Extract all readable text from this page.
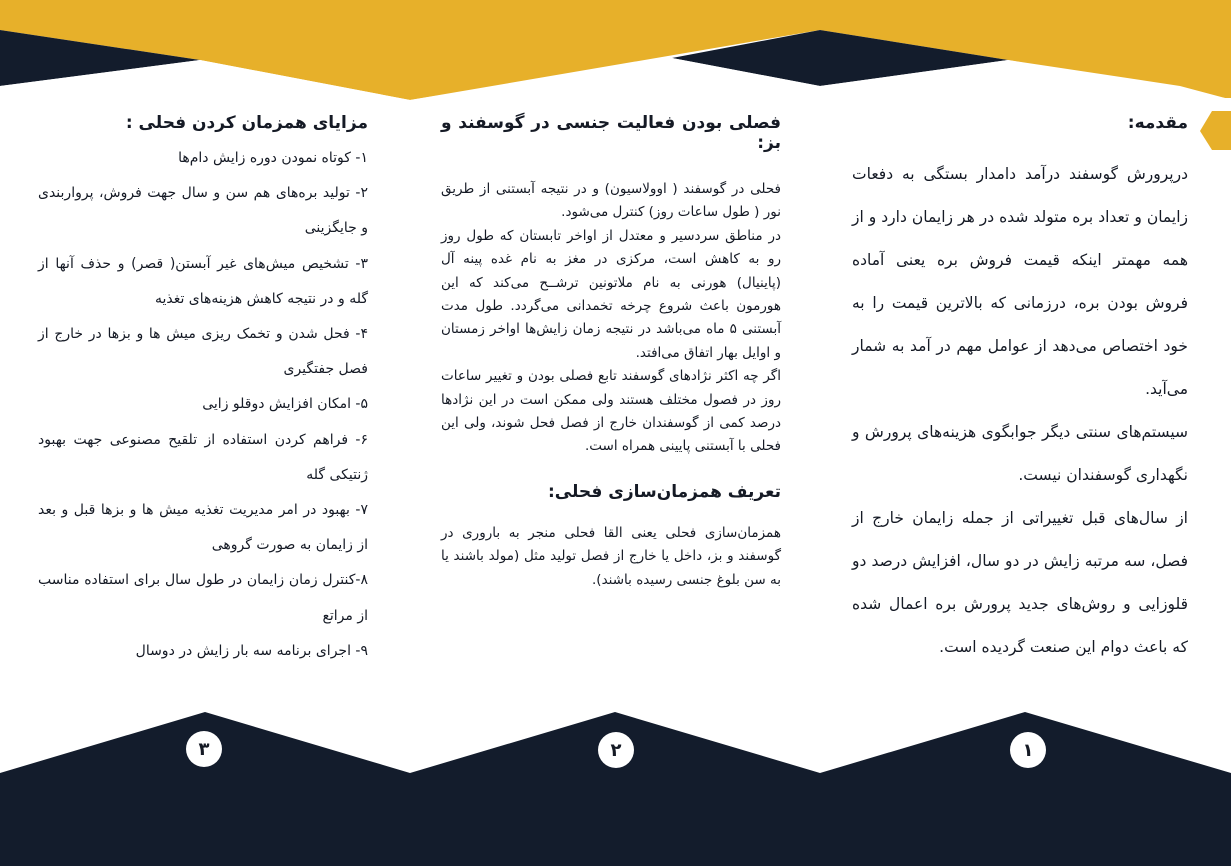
مقدمه:

درپرورش گوسفند درآمد دامدار بستگی به دفعات زایمان و تعداد بره متولد شده در هر زایمان دارد و از همه مهمتر اینکه قیمت فروش بره یعنی آماده فروش بودن بره، درزمانی که بالاترین قیمت را به خود اختصاص می‌دهد از عوامل مهم در آمد به شمار می‌آید.

سیستم‌های سنتی دیگر جوابگوی هزینه‌های پرورش و نگهداری گوسفندان نیست.

از سال‌های قبل تغییراتی از جمله زایمان خارج از فصل، سه مرتبه زایش در دو سال، افزایش درصد دو قلوزایی و روش‌های جدید پرورش بره اعمال شده که باعث دوام این صنعت گردیده است.

فصلی بودن فعالیت جنسی در گوسفند و بز:

فحلی در گوسفند ( اوولاسیون) و در نتیجه آبستنی از طریق نور ( طول ساعات روز) کنترل می‌شود.

در مناطق سردسیر و معتدل از اواخر تابستان که طول روز رو به کاهش است، مرکزی در مغز به نام غده پینه آل (پاینیال) هورنی به نام ملاتونین ترشــح می‌کند که این هورمون باعث شروع چرخه تخمدانی می‌گردد. طول مدت آبستنی ۵ ماه می‌باشد در نتیجه زمان زایش‌ها اواخر زمستان و اوایل بهار اتفاق می‌افتد.

اگر چه اکثر نژادهای گوسفند تابع فصلی بودن و تغییر ساعات روز در فصول مختلف هستند ولی ممکن است در این نژادها درصد کمی از گوسفندان خارج از فصل فحل شوند، ولی این فحلی با آبستنی پایینی همراه است.

تعریف همزمان‌سازی فحلی:

همزمان‌سازی فحلی یعنی القا فحلی منجر به باروری در گوسفند و بز، داخل یا خارج از فصل تولید مثل (مولد باشند یا به سن بلوغ جنسی رسیده باشند).

مزایای همزمان کردن فحلی :

۱- کوتاه نمودن دوره زایش دام‌ها

۲- تولید بره‌های هم سن و سال جهت فروش، پرواربندی و جایگزینی

۳- تشخیص میش‌های غیر آبستن( قصر) و حذف آنها از گله و در نتیجه کاهش هزینه‌های تغذیه

۴- فحل شدن و تخمک ریزی میش ها و بزها در خارج از فصل جفتگیری

۵- امکان افزایش دوقلو زایی

۶- فراهم کردن استفاده از تلقیح مصنوعی جهت بهبود ژنتیکی گله

۷- بهبود در امر مدیریت تغذیه میش ها و بزها قبل و بعد از زایمان به صورت گروهی

۸-کنترل زمان زایمان در طول سال برای استفاده مناسب از مراتع

۹- اجرای برنامه سه بار زایش در دوسال

۱
۲
۳
